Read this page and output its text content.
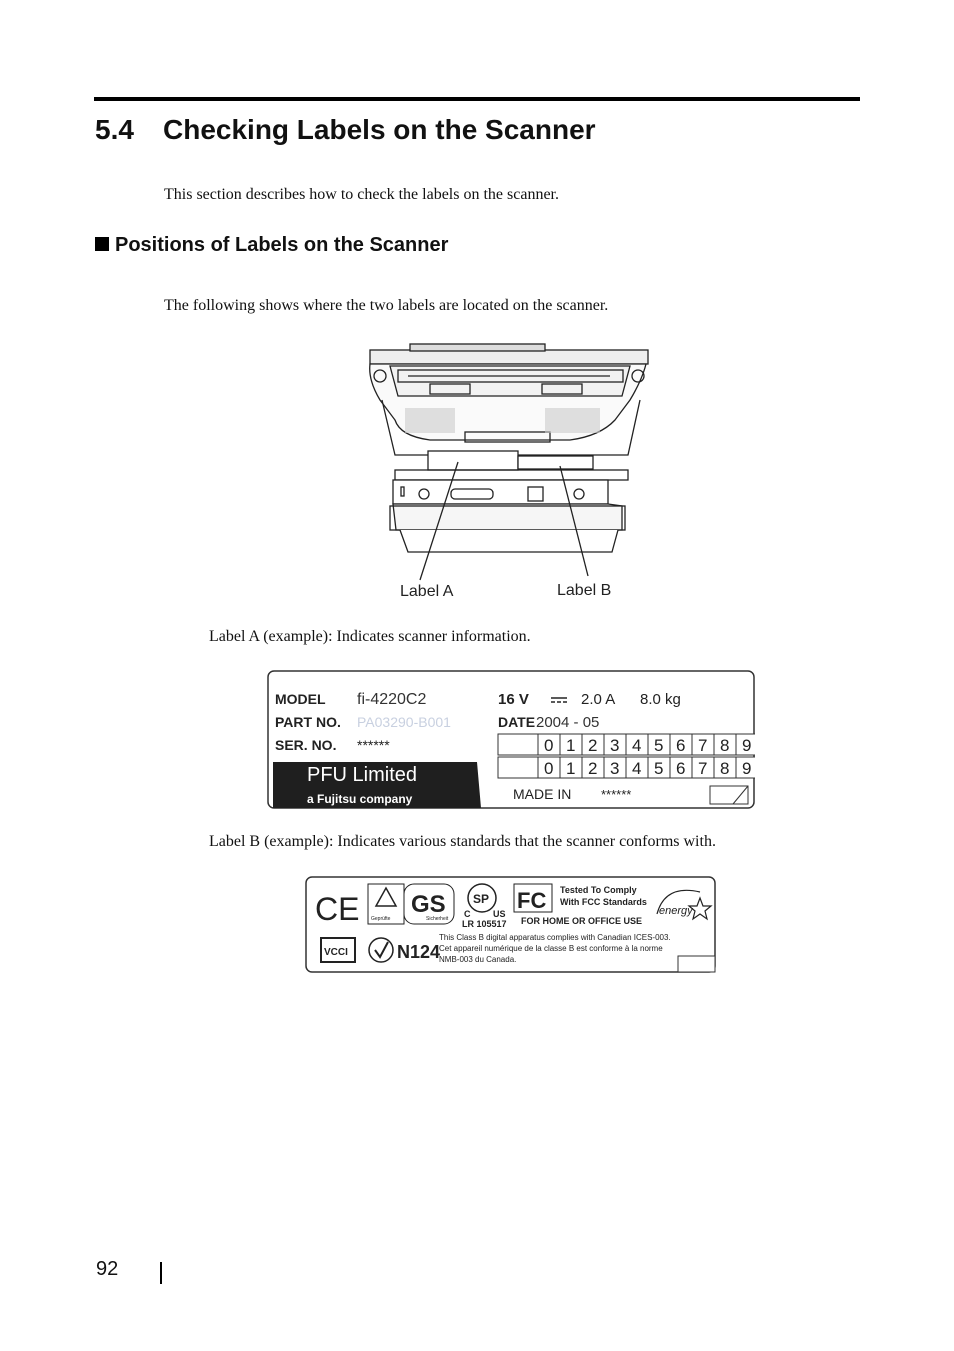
5.4 Checking Labels on the Scanner
This section describes how to check the labels on the scanner.
Positions of Labels on the Scanner
The following shows where the two labels are located on the scanner.
Label A	Label B
Label A (example): Indicates scanner information.
MODEL fi-4220C2
PART NO. PA03290-B001
SER. NO. ******
16 V	2.0 A 8.0 kg
DATE 2004 - 05
0 1 2 3 4 5 6 7 8 9
0 1 2 3 4 5 6 7 8 9
PFU Limited
a Fujitsu company	MADE IN ******
Label B (example): Indicates various standards that the scanner conforms with.
CE Geprüfte
GS
Sicherheit
SP
C	US
LR 105517
FC Tested To Comply
With FCC Standards
FOR HOME OR OFFICE USE
energy
VCCI	N124
This Class B digital apparatus complies with Canadian ICES-003.
Cet appareil numérique de la classe B est conforme à la norme
NMB-003 du Canada.
92
